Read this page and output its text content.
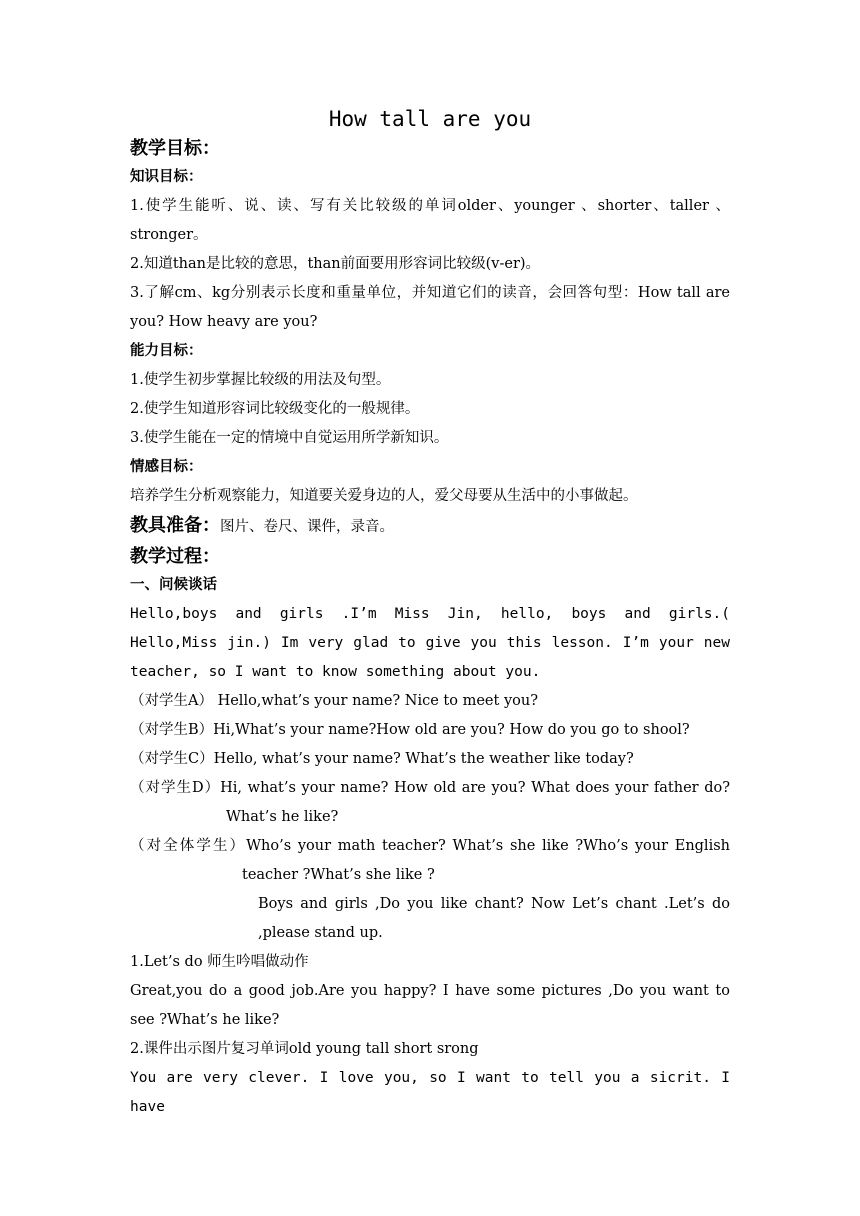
How tall are you

教学目标：

知识目标：

1.使学生能听、说、读、写有关比较级的单词older、younger 、shorter、taller 、stronger。

2.知道than是比较的意思，than前面要用形容词比较级(v-er)。

3.了解cm、kg分别表示长度和重量单位，并知道它们的读音，会回答句型：How tall are you? How heavy are you?

能力目标：

1.使学生初步掌握比较级的用法及句型。

2.使学生知道形容词比较级变化的一般规律。

3.使学生能在一定的情境中自觉运用所学新知识。

情感目标：

培养学生分析观察能力，知道要关爱身边的人，爱父母要从生活中的小事做起。

教具准备：图片、卷尺、课件，录音。

教学过程：

一、问候谈话

Hello,boys and girls .I’m Miss Jin, hello, boys and girls.( Hello,Miss jin.) Im very glad to give you this lesson. I’m your new teacher, so I want to know something about you.

（对学生A） Hello,what’s your name? Nice to meet you?

（对学生B）Hi,What’s your name?How old are you? How do you go to shool?

（对学生C）Hello, what’s your name? What’s the weather like today?

（对学生D）Hi, what’s your name? How old are you? What does your father do? What’s he like?

（对全体学生）Who’s your math teacher? What’s she like ?Who’s your English teacher ?What’s she like ?

Boys and girls ,Do you like chant? Now Let’s chant .Let’s do ,please stand up.

1.Let’s do 师生吟唱做动作

Great,you do a good job.Are you happy? I have some pictures ,Do you want to see ?What’s he like?

2.课件出示图片复习单词old young tall short srong

You are very clever. I love you, so I want to tell you a sicrit. I have
